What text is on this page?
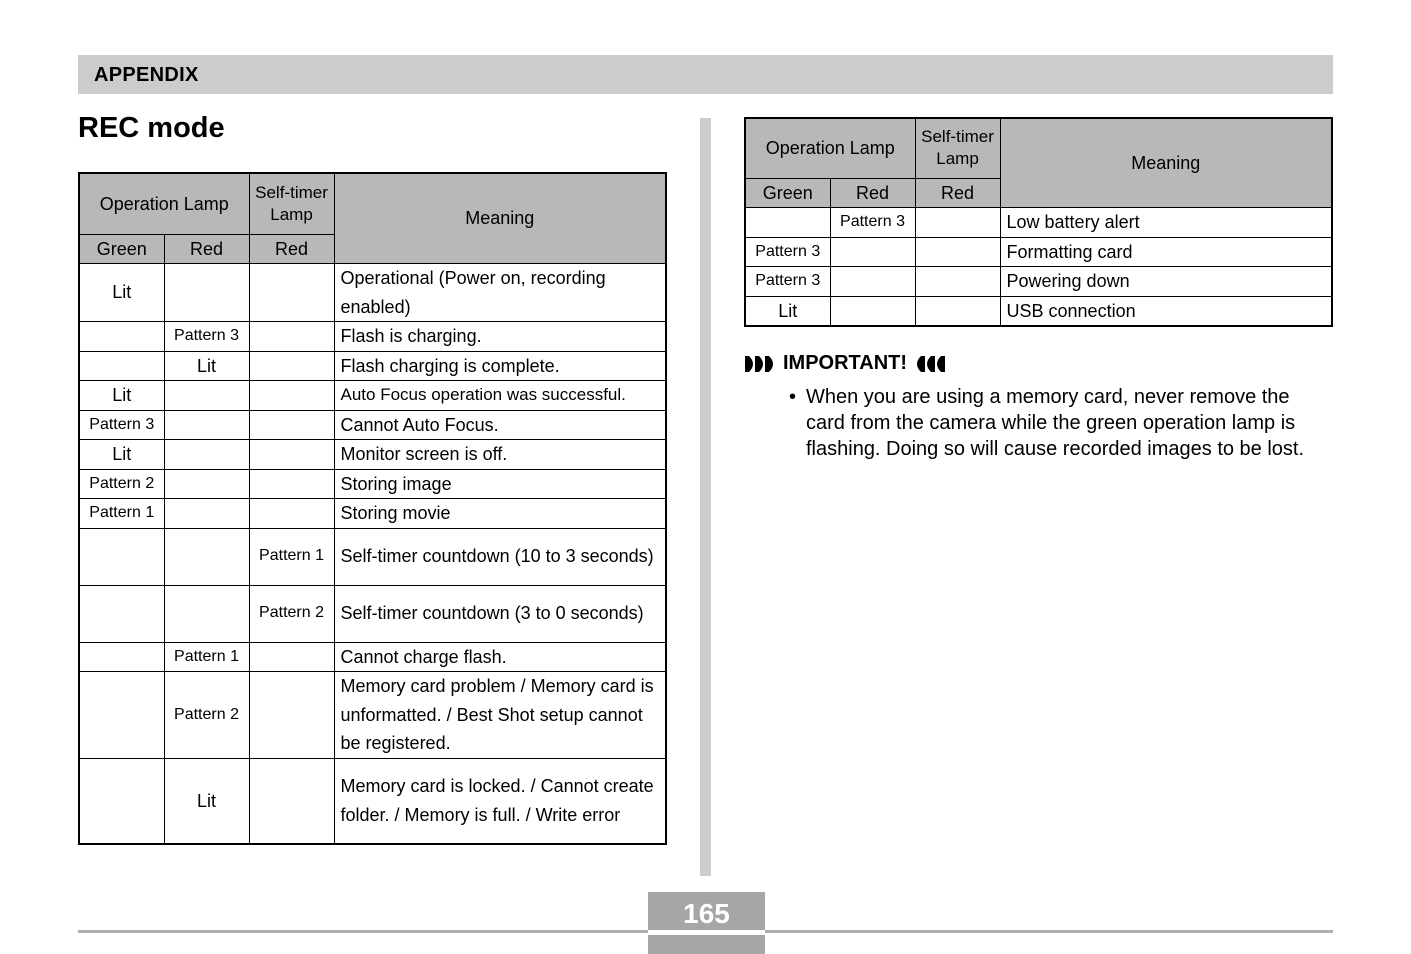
APPENDIX
REC mode
Operation Lamp		Self-timer Lamp	Meaning
Green	Red	Red	
Lit			Operational (Power on, recording enabled)
	Pattern 3		Flash is charging.
	Lit		Flash charging is complete.
Lit			Auto Focus operation was successful.
Pattern 3			Cannot Auto Focus.
Lit			Monitor screen is off.
Pattern 2			Storing image
Pattern 1			Storing movie
		Pattern 1	Self-timer countdown (10 to 3 seconds)
		Pattern 2	Self-timer countdown (3 to 0 seconds)
	Pattern 1		Cannot charge flash.
	Pattern 2		Memory card problem / Memory card is unformatted. / Best Shot setup cannot be registered.
	Lit		Memory card is locked. / Cannot create folder. / Memory is full. / Write error
Operation Lamp		Self-timer Lamp	Meaning
Green	Red	Red	
	Pattern 3		Low battery alert
Pattern 3			Formatting card
Pattern 3			Powering down
Lit			USB connection
IMPORTANT!
• When you are using a memory card, never remove the card from the camera while the green operation lamp is flashing. Doing so will cause recorded images to be lost.
165
